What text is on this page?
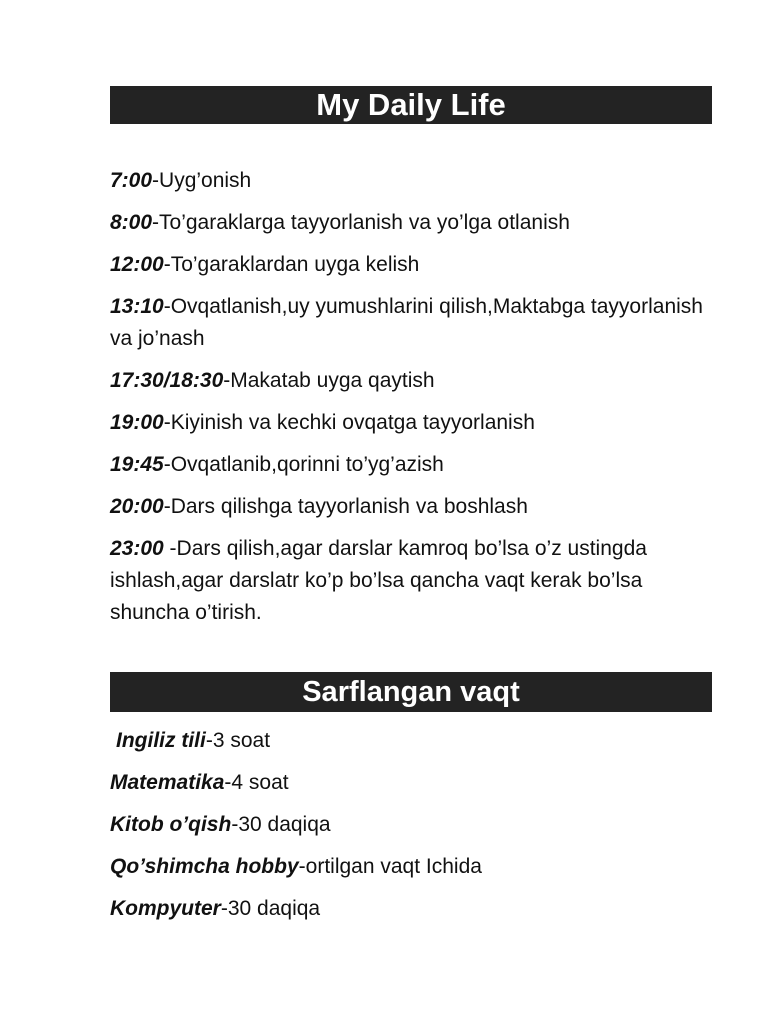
My Daily Life

7:00-Uyg’onish

8:00-To’garaklarga tayyorlanish va yo’lga otlanish

12:00-To’garaklardan uyga kelish

13:10-Ovqatlanish,uy yumushlarini qilish,Maktabga tayyorlanish va jo’nash

17:30/18:30-Makatab uyga qaytish

19:00-Kiyinish va kechki ovqatga tayyorlanish

19:45-Ovqatlanib,qorinni to’yg’azish

20:00-Dars qilishga tayyorlanish va boshlash

23:00 -Dars qilish,agar darslar kamroq bo’lsa o’z ustingda ishlash,agar darslatr ko’p bo’lsa qancha vaqt kerak bo’lsa shuncha o’tirish.

Sarflangan vaqt

Ingiliz tili-3 soat

Matematika-4 soat

Kitob o’qish-30 daqiqa

Qo’shimcha hobby-ortilgan vaqt Ichida

Kompyuter-30 daqiqa
